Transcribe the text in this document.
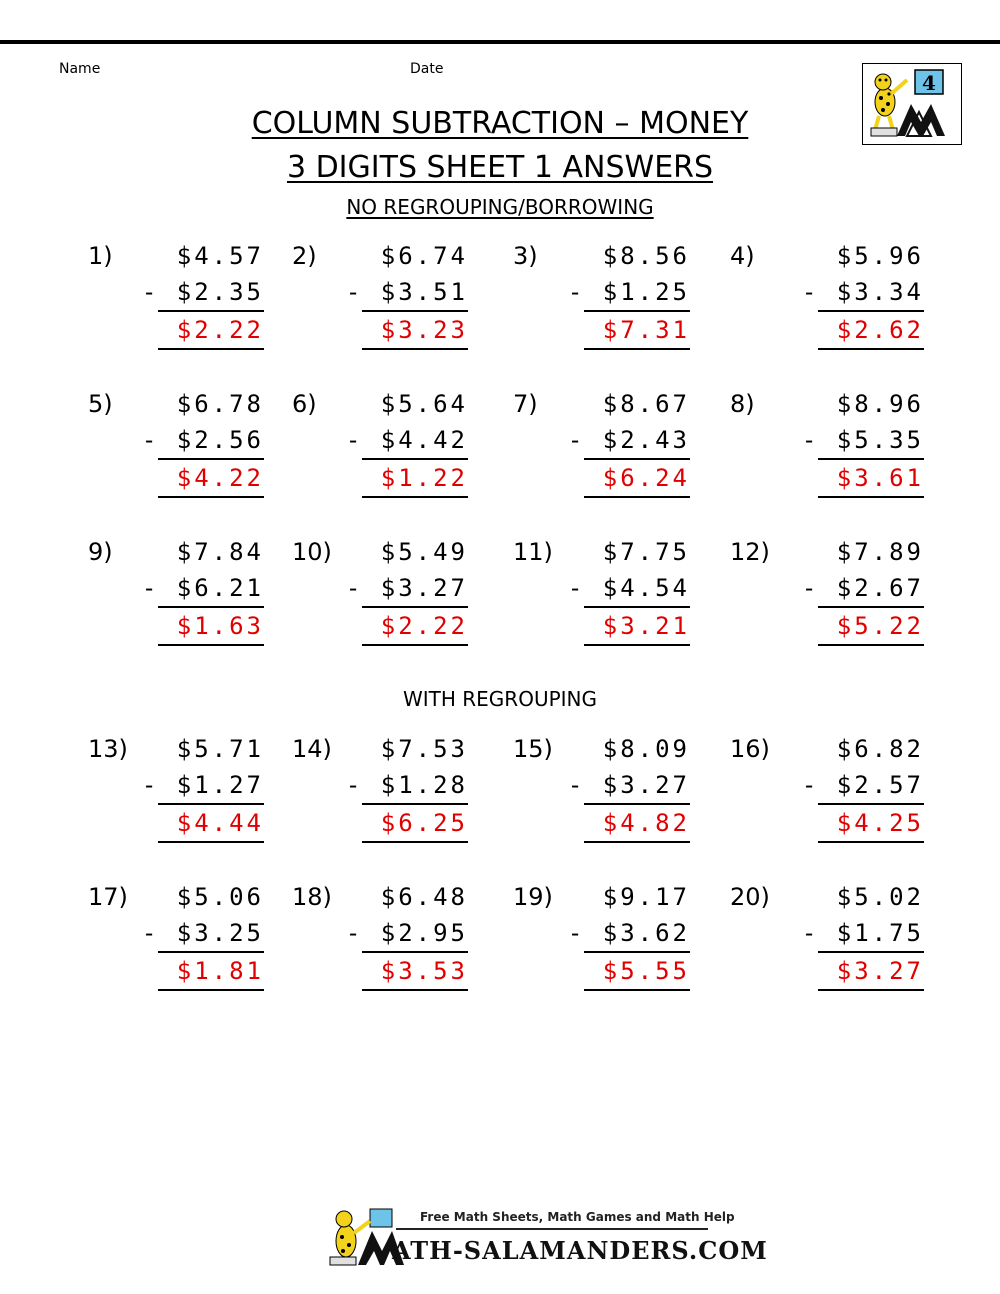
Name	Date
4
COLUMN SUBTRACTION – MONEY
3 DIGITS SHEET 1 ANSWERS
NO REGROUPING/BORROWING
WITH REGROUPING
1)	$4.57
- $2.35
$2.22
2)	$6.74
- $3.51
$3.23
3)	$8.56
- $1.25
$7.31
4)	$5.96
- $3.34
$2.62
5)	$6.78
- $2.56
$4.22
6)	$5.64
- $4.42
$1.22
7)	$8.67
- $2.43
$6.24
8)	$8.96
- $5.35
$3.61
9)	$7.84
- $6.21
$1.63
10)	$5.49
- $3.27
$2.22
11)	$7.75
- $4.54
$3.21
12)	$7.89
- $2.67
$5.22
13)	$5.71
- $1.27
$4.44
14)	$7.53
- $1.28
$6.25
15)	$8.09
- $3.27
$4.82
16)	$6.82
- $2.57
$4.25
17)	$5.06
- $3.25
$1.81
18)	$6.48
- $2.95
$3.53
19)	$9.17
- $3.62
$5.55
20)	$5.02
- $1.75
$3.27
Free Math Sheets, Math Games and Math Help
ATH-SALAMANDERS.COM
